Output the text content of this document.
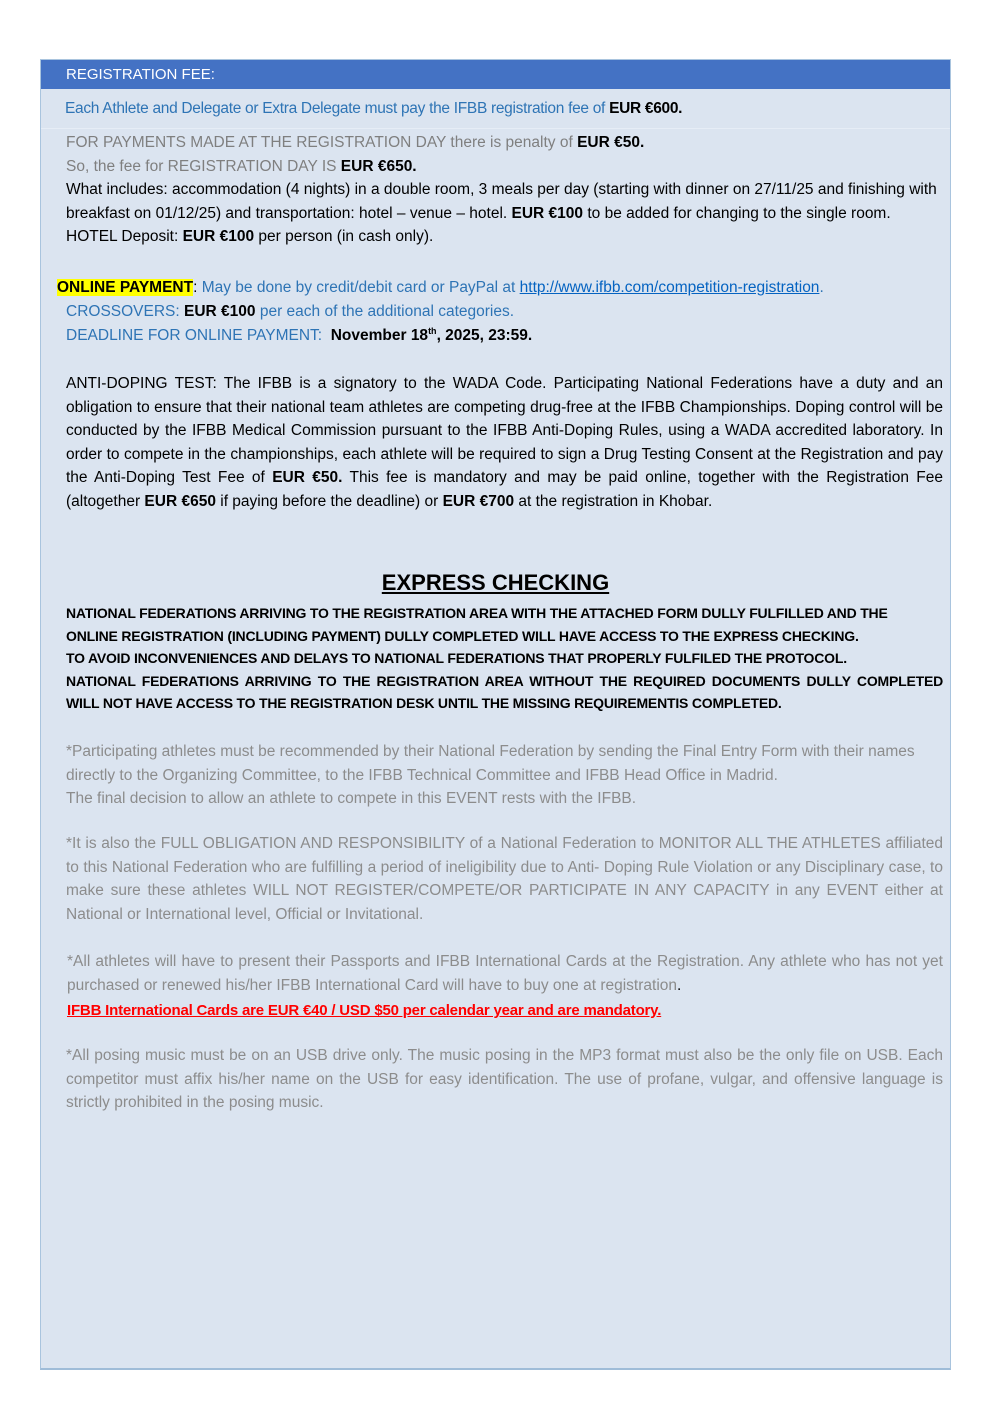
REGISTRATION FEE:
Each Athlete and Delegate or Extra Delegate must pay the IFBB registration fee of EUR €600.
FOR PAYMENTS MADE AT THE REGISTRATION DAY there is penalty of EUR €50.
So, the fee for REGISTRATION DAY IS EUR €650.
What includes: accommodation (4 nights) in a double room, 3 meals per day (starting with dinner on 27/11/25 and finishing with breakfast on 01/12/25) and transportation: hotel – venue – hotel. EUR €100 to be added for changing to the single room. HOTEL Deposit: EUR €100 per person (in cash only).
ONLINE PAYMENT: May be done by credit/debit card or PayPal at http://www.ifbb.com/competition-registration.
CROSSOVERS: EUR €100 per each of the additional categories.
DEADLINE FOR ONLINE PAYMENT:  November 18th, 2025, 23:59.
ANTI-DOPING TEST: The IFBB is a signatory to the WADA Code. Participating National Federations have a duty and an obligation to ensure that their national team athletes are competing drug-free at the IFBB Championships. Doping control will be conducted by the IFBB Medical Commission pursuant to the IFBB Anti-Doping Rules, using a WADA accredited laboratory. In order to compete in the championships, each athlete will be required to sign a Drug Testing Consent at the Registration and pay the Anti-Doping Test Fee of EUR €50. This fee is mandatory and may be paid online, together with the Registration Fee (altogether EUR €650 if paying before the deadline) or EUR €700 at the registration in Khobar.
EXPRESS CHECKING
NATIONAL FEDERATIONS ARRIVING TO THE REGISTRATION AREA WITH THE ATTACHED FORM DULLY FULFILLED AND THE
ONLINE REGISTRATION (INCLUDING PAYMENT) DULLY COMPLETED WILL HAVE ACCESS TO THE EXPRESS CHECKING.
TO AVOID INCONVENIENCES AND DELAYS TO NATIONAL FEDERATIONS THAT PROPERLY FULFILED THE PROTOCOL.
NATIONAL FEDERATIONS ARRIVING TO THE REGISTRATION AREA WITHOUT THE REQUIRED DOCUMENTS DULLY COMPLETED WILL NOT HAVE ACCESS TO THE REGISTRATION DESK UNTIL THE MISSING REQUIREMENTIS COMPLETED.
*Participating athletes must be recommended by their National Federation by sending the Final Entry Form with their names directly to the Organizing Committee, to the IFBB Technical Committee and IFBB Head Office in Madrid.
The final decision to allow an athlete to compete in this EVENT rests with the IFBB.
*It is also the FULL OBLIGATION AND RESPONSIBILITY of a National Federation to MONITOR ALL THE ATHLETES affiliated to this National Federation who are fulfilling a period of ineligibility due to Anti- Doping Rule Violation or any Disciplinary case, to make sure these athletes WILL NOT REGISTER/COMPETE/OR PARTICIPATE IN ANY CAPACITY in any EVENT either at National or International level, Official or Invitational.
*All athletes will have to present their Passports and IFBB International Cards at the Registration. Any athlete who has not yet purchased or renewed his/her IFBB International Card will have to buy one at registration.
IFBB International Cards are EUR €40 / USD $50 per calendar year and are mandatory.
*All posing music must be on an USB drive only. The music posing in the MP3 format must also be the only file on USB. Each competitor must affix his/her name on the USB for easy identification. The use of profane, vulgar, and offensive language is strictly prohibited in the posing music.
